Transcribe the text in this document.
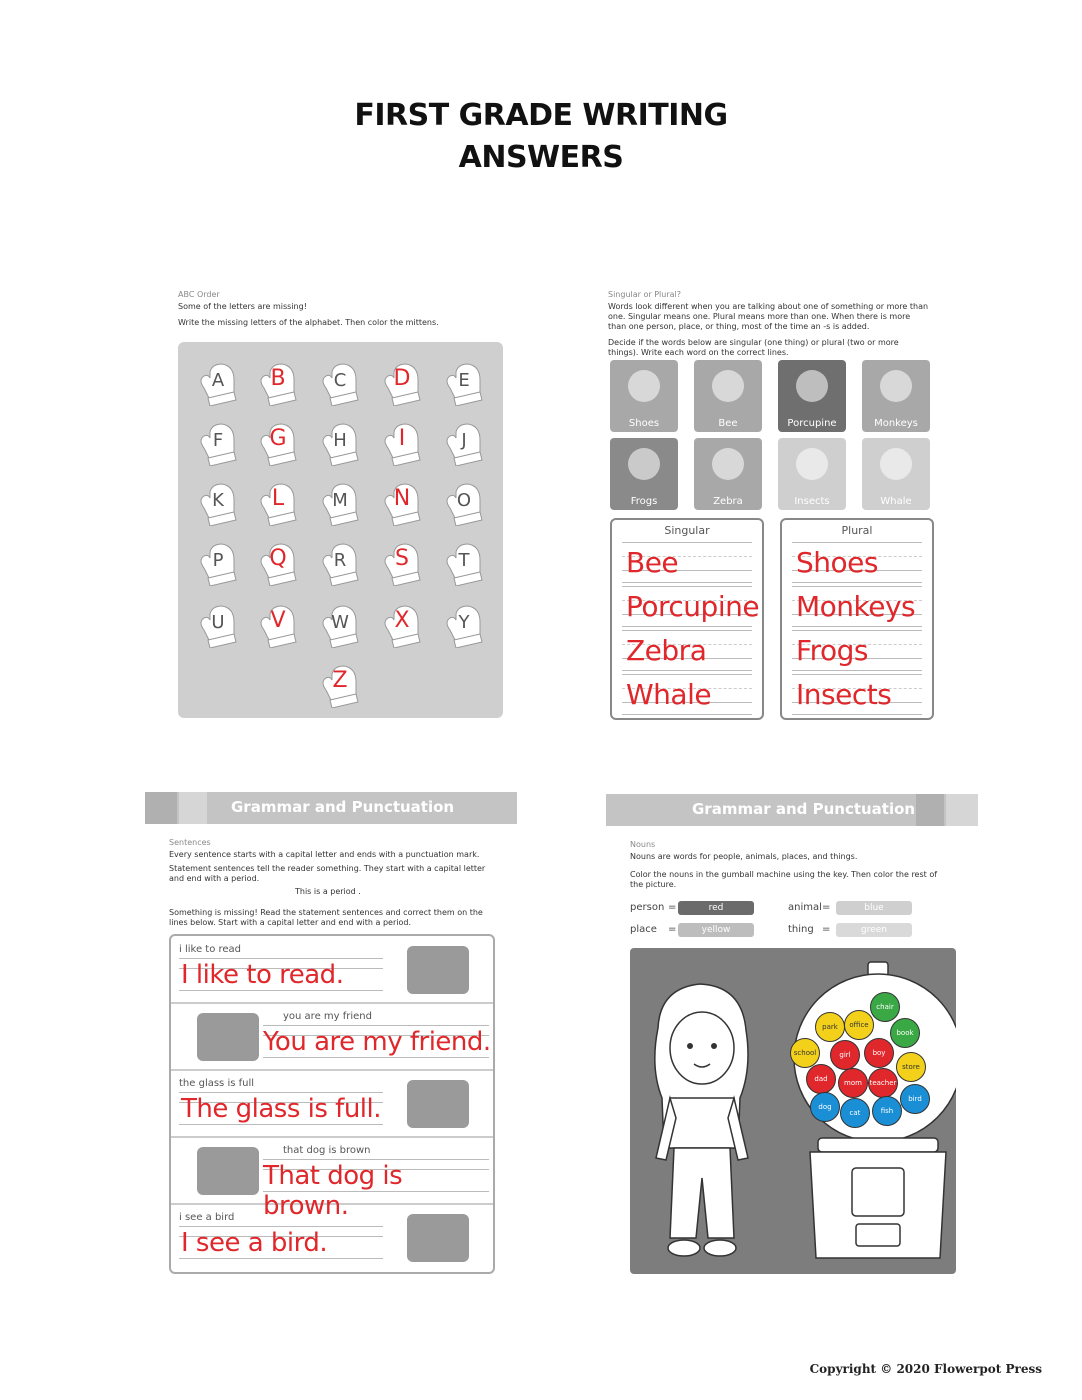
FIRST GRADE WRITING
ANSWERS
ABC Order
Some of the letters are missing!
Write the missing letters of the alphabet. Then color the mittens.
A	B	C	D	E
F	G	H	I	J
K	L	M	N	O
P	Q	R	S	T
U	V	W	X	Y
Z
Singular or Plural?
Words look different when you are talking about one of something or more than one. Singular means one. Plural means more than one. When there is more than one person, place, or thing, most of the time an -s is added.
Decide if the words below are singular (one thing) or plural (two or more things). Write each word on the correct lines.
Shoes	Bee	Porcupine	Monkeys
Frogs	Zebra	Insects	Whale
Singular
Bee
Porcupine
Zebra
Whale
Plural
Shoes
Monkeys
Frogs
Insects
Grammar and Punctuation
Sentences
Every sentence starts with a capital letter and ends with a punctuation mark.
Statement sentences tell the reader something. They start with a capital letter and end with a period.
This is a period .
Something is missing! Read the statement sentences and correct them on the lines below. Start with a capital letter and end with a period.
i like to read
I like to read.
you are my friend
You are my friend.
the glass is full
The glass is full.
that dog is brown
That dog is brown.
i see a bird
I see a bird.
Grammar and Punctuation
Nouns
Nouns are words for people, animals, places, and things.
Color the nouns in the gumball machine using the key. Then color the rest of the picture.
person =	red	animal =	blue
place =	yellow	thing =	green
chair
park	office
book
school	girl	boy
store
dad	mom	teacher
bird
dog
cat	fish
Copyright © 2020 Flowerpot Press
